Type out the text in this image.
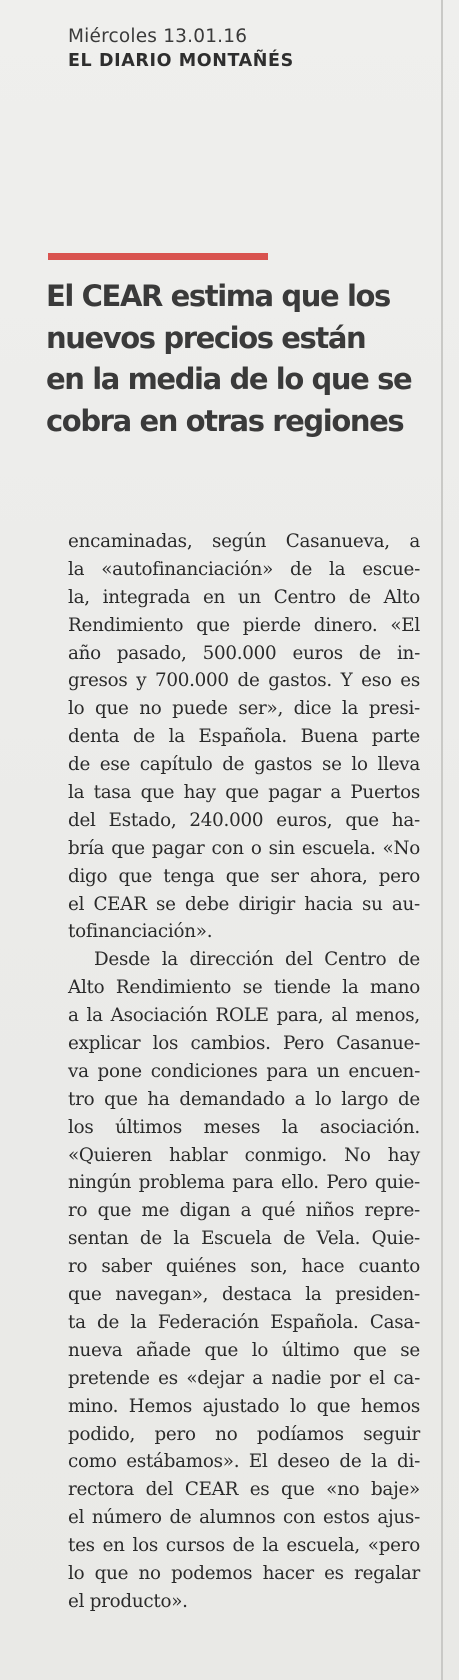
Miércoles 13.01.16
EL DIARIO MONTAÑÉS
El CEAR estima que los
nuevos precios están
en la media de lo que se
cobra en otras regiones
encaminadas, según Casanueva, a
la «autofinanciación» de la escue-
la, integrada en un Centro de Alto
Rendimiento que pierde dinero. «El
año pasado, 500.000 euros de in-
gresos y 700.000 de gastos. Y eso es
lo que no puede ser», dice la presi-
denta de la Española. Buena parte
de ese capítulo de gastos se lo lleva
la tasa que hay que pagar a Puertos
del Estado, 240.000 euros, que ha-
bría que pagar con o sin escuela. «No
digo que tenga que ser ahora, pero
el CEAR se debe dirigir hacia su au-
tofinanciación».
Desde la dirección del Centro de
Alto Rendimiento se tiende la mano
a la Asociación ROLE para, al menos,
explicar los cambios. Pero Casanue-
va pone condiciones para un encuen-
tro que ha demandado a lo largo de
los últimos meses la asociación.
«Quieren hablar conmigo. No hay
ningún problema para ello. Pero quie-
ro que me digan a qué niños repre-
sentan de la Escuela de Vela. Quie-
ro saber quiénes son, hace cuanto
que navegan», destaca la presiden-
ta de la Federación Española. Casa-
nueva añade que lo último que se
pretende es «dejar a nadie por el ca-
mino. Hemos ajustado lo que hemos
podido, pero no podíamos seguir
como estábamos». El deseo de la di-
rectora del CEAR es que «no baje»
el número de alumnos con estos ajus-
tes en los cursos de la escuela, «pero
lo que no podemos hacer es regalar
el producto».
